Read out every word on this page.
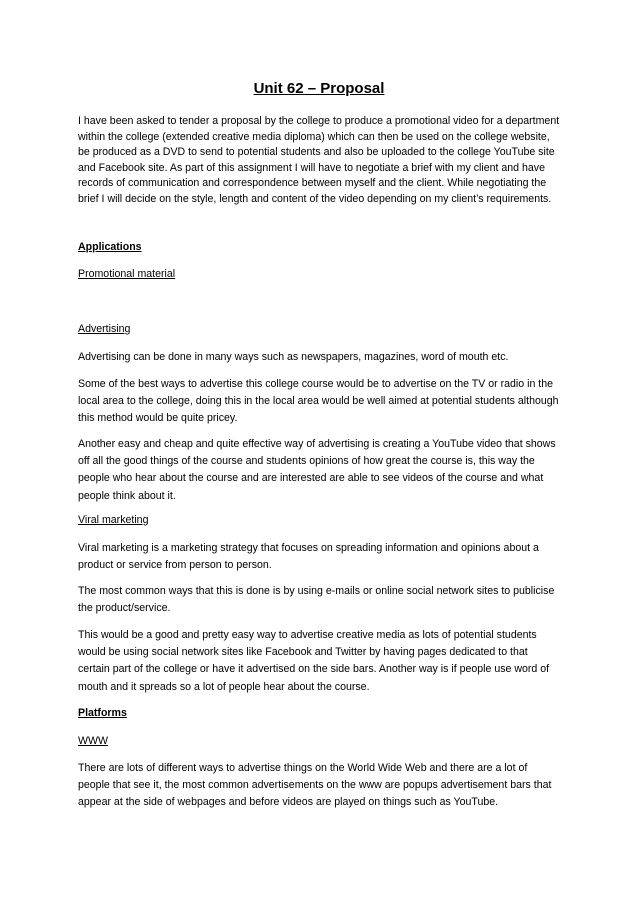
Unit 62 – Proposal

I have been asked to tender a proposal by the college to produce a promotional video for a department within the college (extended creative media diploma) which can then be used on the college website, be produced as a DVD to send to potential students and also be uploaded to the college YouTube site and Facebook site. As part of this assignment I will have to negotiate a brief with my client and have records of communication and correspondence between myself and the client. While negotiating the brief I will decide on the style, length and content of the video depending on my client’s requirements.

Applications

Promotional material

Advertising

Advertising can be done in many ways such as newspapers, magazines, word of mouth etc.

Some of the best ways to advertise this college course would be to advertise on the TV or radio in the local area to the college, doing this in the local area would be well aimed at potential students although this method would be quite pricey.

Another easy and cheap and quite effective way of advertising is creating a YouTube video that shows off all the good things of the course and students opinions of how great the course is, this way the people who hear about the course and are interested are able to see videos of the course and what people think about it.

Viral marketing

Viral marketing is a marketing strategy that focuses on spreading information and opinions about a product or service from person to person.

The most common ways that this is done is by using e-mails or online social network sites to publicise the product/service.

This would be a good and pretty easy way to advertise creative media as lots of potential students would be using social network sites like Facebook and Twitter by having pages dedicated to that certain part of the college or have it advertised on the side bars. Another way is if people use word of mouth and it spreads so a lot of people hear about the course.

Platforms

WWW

There are lots of different ways to advertise things on the World Wide Web and there are a lot of people that see it, the most common advertisements on the www are popups advertisement bars that appear at the side of webpages and before videos are played on things such as YouTube.
